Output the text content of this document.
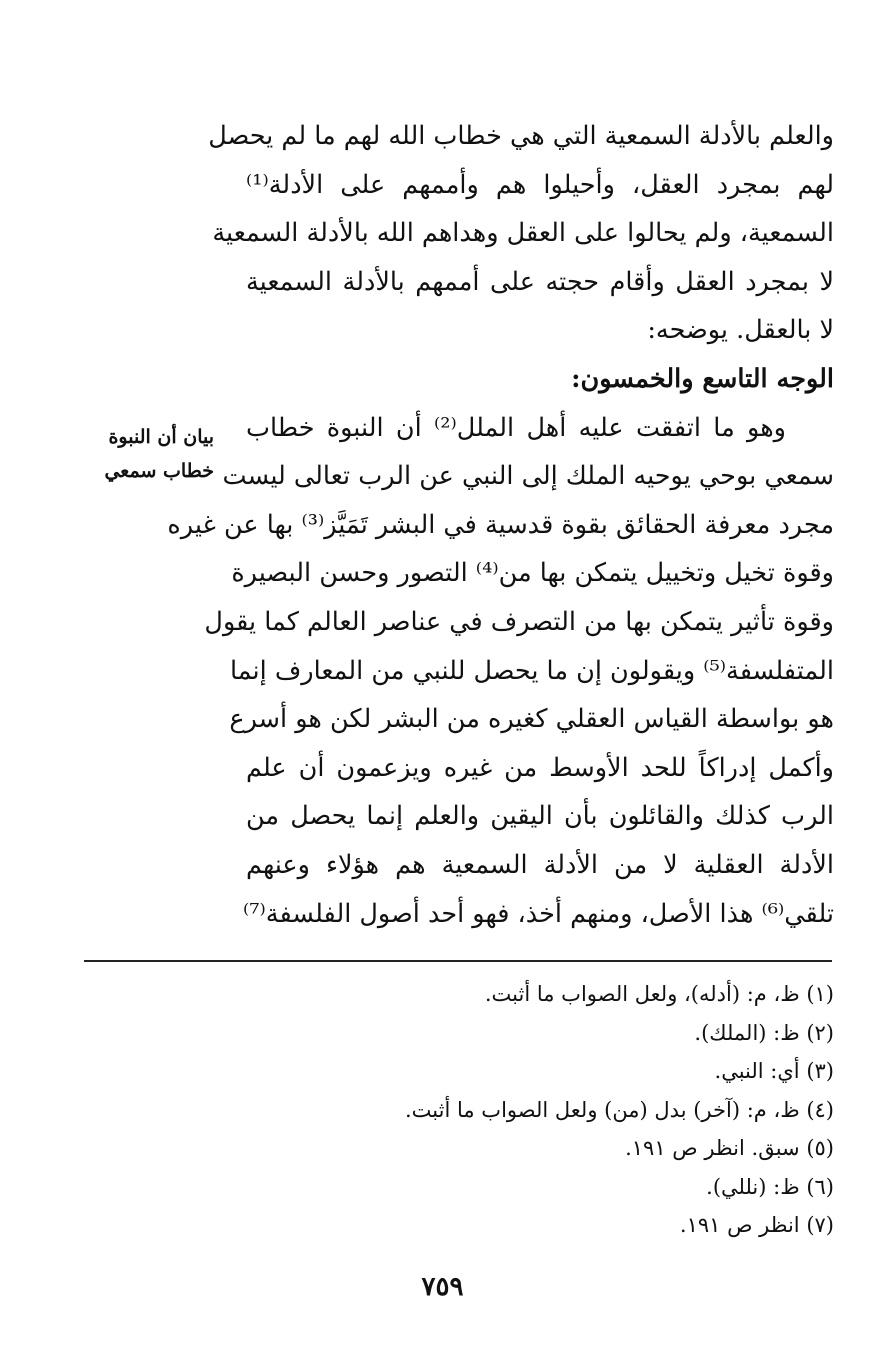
والعلم بالأدلة السمعية التي هي خطاب الله لهم ما لم يحصل
لهم بمجرد العقل، وأحيلوا هم وأممهم على الأدلة⁽¹⁾
السمعية، ولم يحالوا على العقل وهداهم الله بالأدلة السمعية
لا بمجرد العقل وأقام حجته على أممهم بالأدلة السمعية
لا بالعقل. يوضحه:
الوجه التاسع والخمسون:
وهو ما اتفقت عليه أهل الملل⁽²⁾ أن النبوة خطاب
سمعي بوحي يوحيه الملك إلى النبي عن الرب تعالى ليست
مجرد معرفة الحقائق بقوة قدسية في البشر تَمَيَّز⁽³⁾ بها عن غيره
وقوة تخيل وتخييل يتمكن بها من⁽⁴⁾ التصور وحسن البصيرة
وقوة تأثير يتمكن بها من التصرف في عناصر العالم كما يقول
المتفلسفة⁽⁵⁾ ويقولون إن ما يحصل للنبي من المعارف إنما
هو بواسطة القياس العقلي كغيره من البشر لكن هو أسرع
وأكمل إدراكاً للحد الأوسط من غيره ويزعمون أن علم
الرب كذلك والقائلون بأن اليقين والعلم إنما يحصل من
الأدلة العقلية لا من الأدلة السمعية هم هؤلاء وعنهم
تلقي⁽⁶⁾ هذا الأصل، ومنهم أخذ، فهو أحد أصول الفلسفة⁽⁷⁾
بيان أن النبوة
خطاب سمعي
(١) ظ، م: (أدله)، ولعل الصواب ما أثبت.
(٢) ظ: (الملك).
(٣) أي: النبي.
(٤) ظ، م: (آخر) بدل (من) ولعل الصواب ما أثبت.
(٥) سبق. انظر ص ١٩١.
(٦) ظ: (نللي).
(٧) انظر ص ١٩١.
٧٥٩
